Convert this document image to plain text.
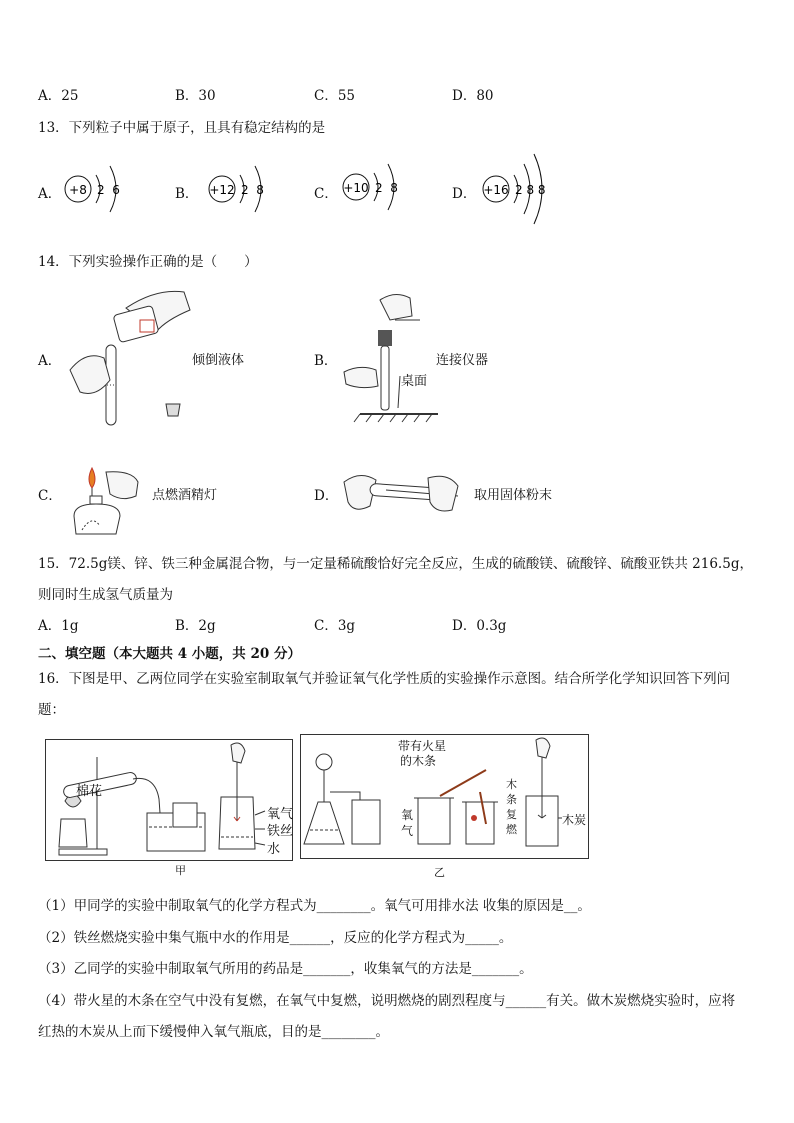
A．25	B．30	C．55	D．80
13．下列粒子中属于原子，且具有稳定结构的是
A． +8 2  6	B． +12 2  8	C． +10 2  8	D． +16 2 8 8
14．下列实验操作正确的是（　　）
A．	倾倒液体	B．	连接仪器
桌面
C．	点燃酒精灯	D．	取用固体粉末
15．72.5g镁、锌、铁三种金属混合物，与一定量稀硫酸恰好完全反应，生成的硫酸镁、硫酸锌、硫酸亚铁共 216.5g，
则同时生成氢气质量为
A．1g	B．2g	C．3g	D．0.3g
二、填空题（本大题共 4 小题，共 20 分）
16．下图是甲、乙两位同学在实验室制取氧气并验证氧气化学性质的实验操作示意图。结合所学化学知识回答下列问
题：
棉花
氧气
铁丝
水
甲
带有火星
的木条
氧
气
木
条
复
燃
木炭
乙
（1）甲同学的实验中制取氧气的化学方程式为________。氧气可用排水法 收集的原因是__。
（2）铁丝燃烧实验中集气瓶中水的作用是______，反应的化学方程式为_____。
（3）乙同学的实验中制取氧气所用的药品是_______，收集氧气的方法是_______。
（4）带火星的木条在空气中没有复燃，在氧气中复燃，说明燃烧的剧烈程度与______有关。做木炭燃烧实验时，应将
红热的木炭从上而下缓慢伸入氧气瓶底，目的是________。
